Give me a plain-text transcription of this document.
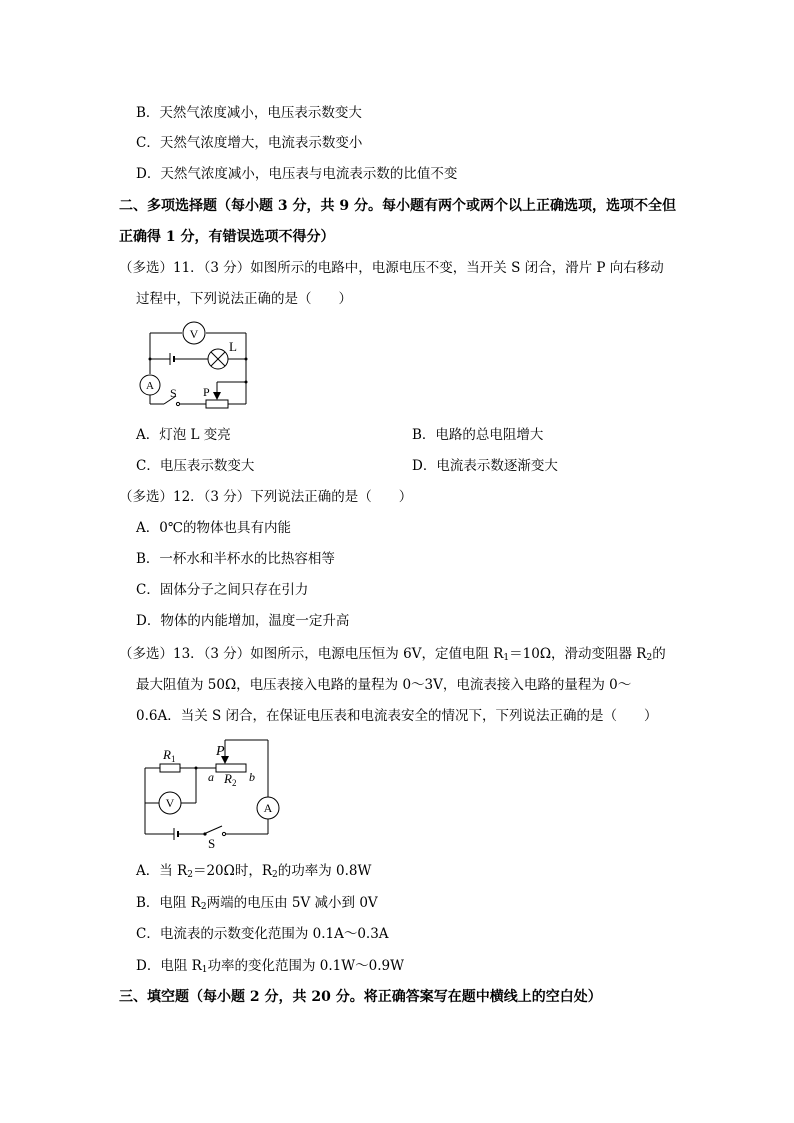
B．天然气浓度减小，电压表示数变大
C．天然气浓度增大，电流表示数变小
D．天然气浓度减小，电压表与电流表示数的比值不变
二、多项选择题（每小题 3 分，共 9 分。每小题有两个或两个以上正确选项，选项不全但
正确得 1 分，有错误选项不得分）
（多选）11．（3 分）如图所示的电路中，电源电压不变，当开关 S 闭合，滑片 P 向右移动
过程中，下列说法正确的是（　　）
V
L
A S P
A．灯泡 L 变亮	B．电路的总电阻增大
C．电压表示数变大	D．电流表示数逐渐变大
（多选）12．（3 分）下列说法正确的是（　　）
A．0℃的物体也具有内能
B．一杯水和半杯水的比热容相等
C．固体分子之间只存在引力
D．物体的内能增加，温度一定升高
（多选）13．（3 分）如图所示，电源电压恒为 6V，定值电阻 $R_1=10\Omega$，滑动变阻器 $R_2$的
最大阻值为 50Ω，电压表接入电路的量程为 0～3V，电流表接入电路的量程为 0～
0.6A．当关 S 闭合，在保证电压表和电流表安全的情况下，下列说法正确的是（　　）
$R_1$	P
a $R_2$ b
V	A
S
A．当 $R_2=20\Omega$时，$R_2$的功率为 0.8W
B．电阻 $R_2$两端的电压由 5V 减小到 0V
C．电流表的示数变化范围为 0.1A～0.3A
D．电阻 $R_1$功率的变化范围为 0.1W～0.9W
三、填空题（每小题 2 分，共 20 分。将正确答案写在题中横线上的空白处）
